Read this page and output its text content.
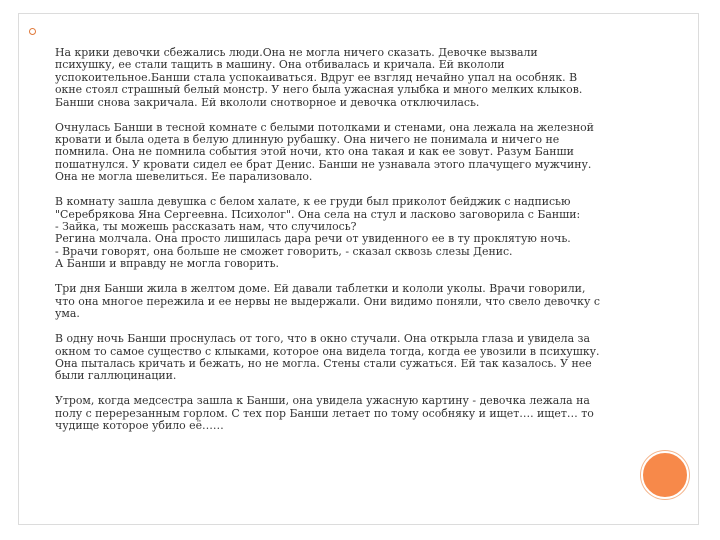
На крики девочки сбежались люди.Она не могла ничего сказать. Девочке вызвали
психушку, ее стали тащить в машину. Она отбивалась и кричала. Ей вкололи
успокоительное.Банши стала успокаиваться. Вдруг ее взгляд нечайно упал на особняк. В
окне стоял страшный белый монстр. У него была ужасная улыбка и много мелких клыков.
Банши снова закричала. Ей вкололи снотворное и девочка отключилась.

Очнулась Банши в тесной комнате с белыми потолками и стенами, она лежала на железной
кровати и была одета в белую длинную рубашку. Она ничего не понимала и ничего не
помнила. Она не помнила события этой ночи, кто она такая и как ее зовут. Разум Банши
пошатнулся. У кровати сидел ее брат Денис. Банши не узнавала этого плачущего мужчину.
Она не могла шевелиться. Ее парализовало.

В комнату зашла девушка с белом халате, к ее груди был приколот бейджик с надписью
"Серебрякова Яна Сергеевна. Психолог". Она села на стул и ласково заговорила с Банши:
- Зайка, ты можешь рассказать нам, что случилось?
Регина молчала. Она просто лишилась дара речи от увиденного ее в ту проклятую ночь.
- Врачи говорят, она больше не сможет говорить, - сказал сквозь слезы Денис.
А Банши и вправду не могла говорить.

Три дня Банши жила в желтом доме. Ей давали таблетки и кололи уколы. Врачи говорили,
что она многое пережила и ее нервы не выдержали. Они видимо поняли, что свело девочку с
ума.

В одну ночь Банши проснулась от того, что в окно стучали. Она открыла глаза и увидела за
окном то самое существо с клыками, которое она видела тогда, когда ее увозили в психушку.
Она пыталась кричать и бежать, но не могла. Стены стали сужаться. Ей так казалось. У нее
были галлюцинации.

Утром, когда медсестра зашла к Банши, она увидела ужасную картину - девочка лежала на
полу с перерезанным горлом. С тех пор Банши летает по тому особняку и ищет…. ищет… то
чудище которое убило её……
